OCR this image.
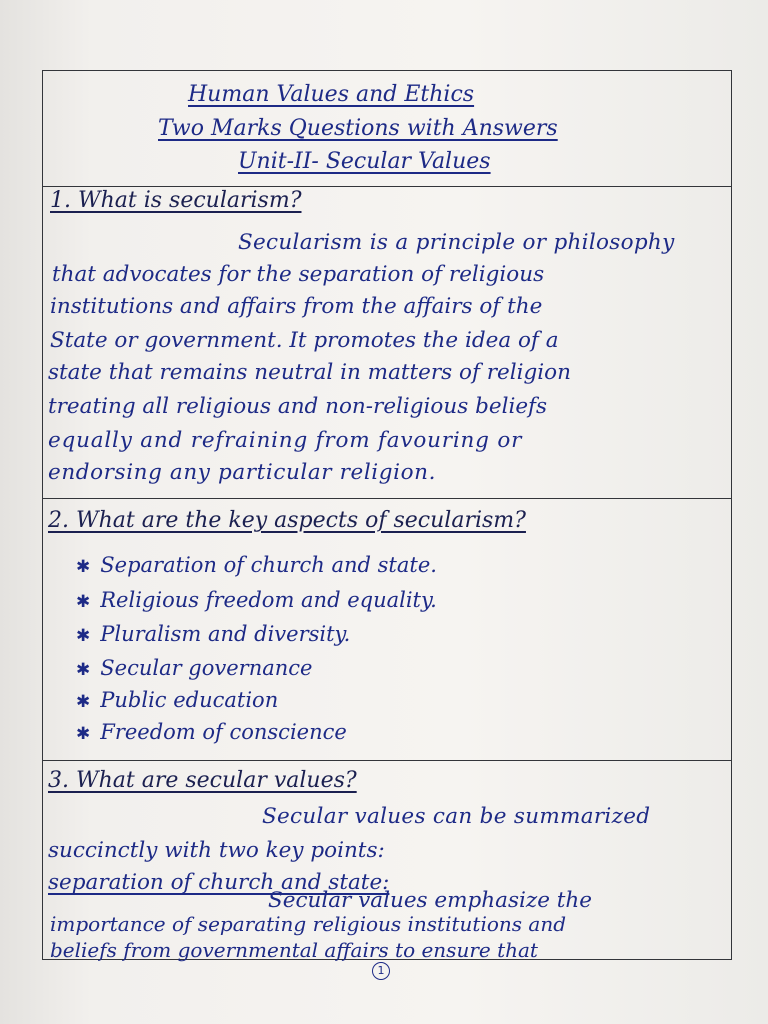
Human Values and Ethics
Two Marks Questions with Answers
Unit-II- Secular Values
1. What is secularism?
Secularism is a principle or philosophy
that advocates for the separation of religious
institutions and affairs from the affairs of the
State or government. It promotes the idea of a
state that remains neutral in matters of religion
treating all religious and non-religious beliefs
equally and refraining from favouring or
endorsing any particular religion.
2. What are the key aspects of secularism?
✱ Separation of church and state.
✱ Religious freedom and equality.
✱ Pluralism and diversity.
✱ Secular governance
✱ Public education
✱ Freedom of conscience
3. What are secular values?
Secular values can be summarized
succinctly with two key points:
separation of church and state:
Secular values emphasize the
importance of separating religious institutions and
beliefs from governmental affairs to ensure that
1
